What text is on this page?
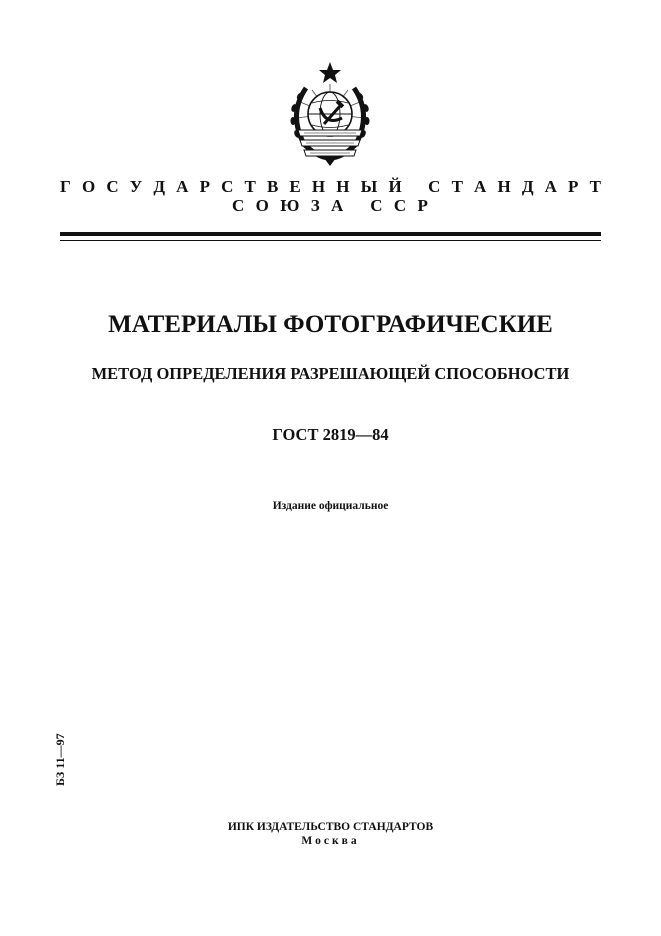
Г О С У Д А Р С Т В Е Н Н Ы Й
С Т А Н Д А Р Т
С О Ю З А
С С Р
МАТЕРИАЛЫ ФОТОГРАФИЧЕСКИЕ
МЕТОД ОПРЕДЕЛЕНИЯ РАЗРЕШАЮЩЕЙ СПОСОБНОСТИ
ГОСТ 2819—84
Издание официальное
БЗ 11—97
ИПК ИЗДАТЕЛЬСТВО СТАНДАРТОВ
Москва
